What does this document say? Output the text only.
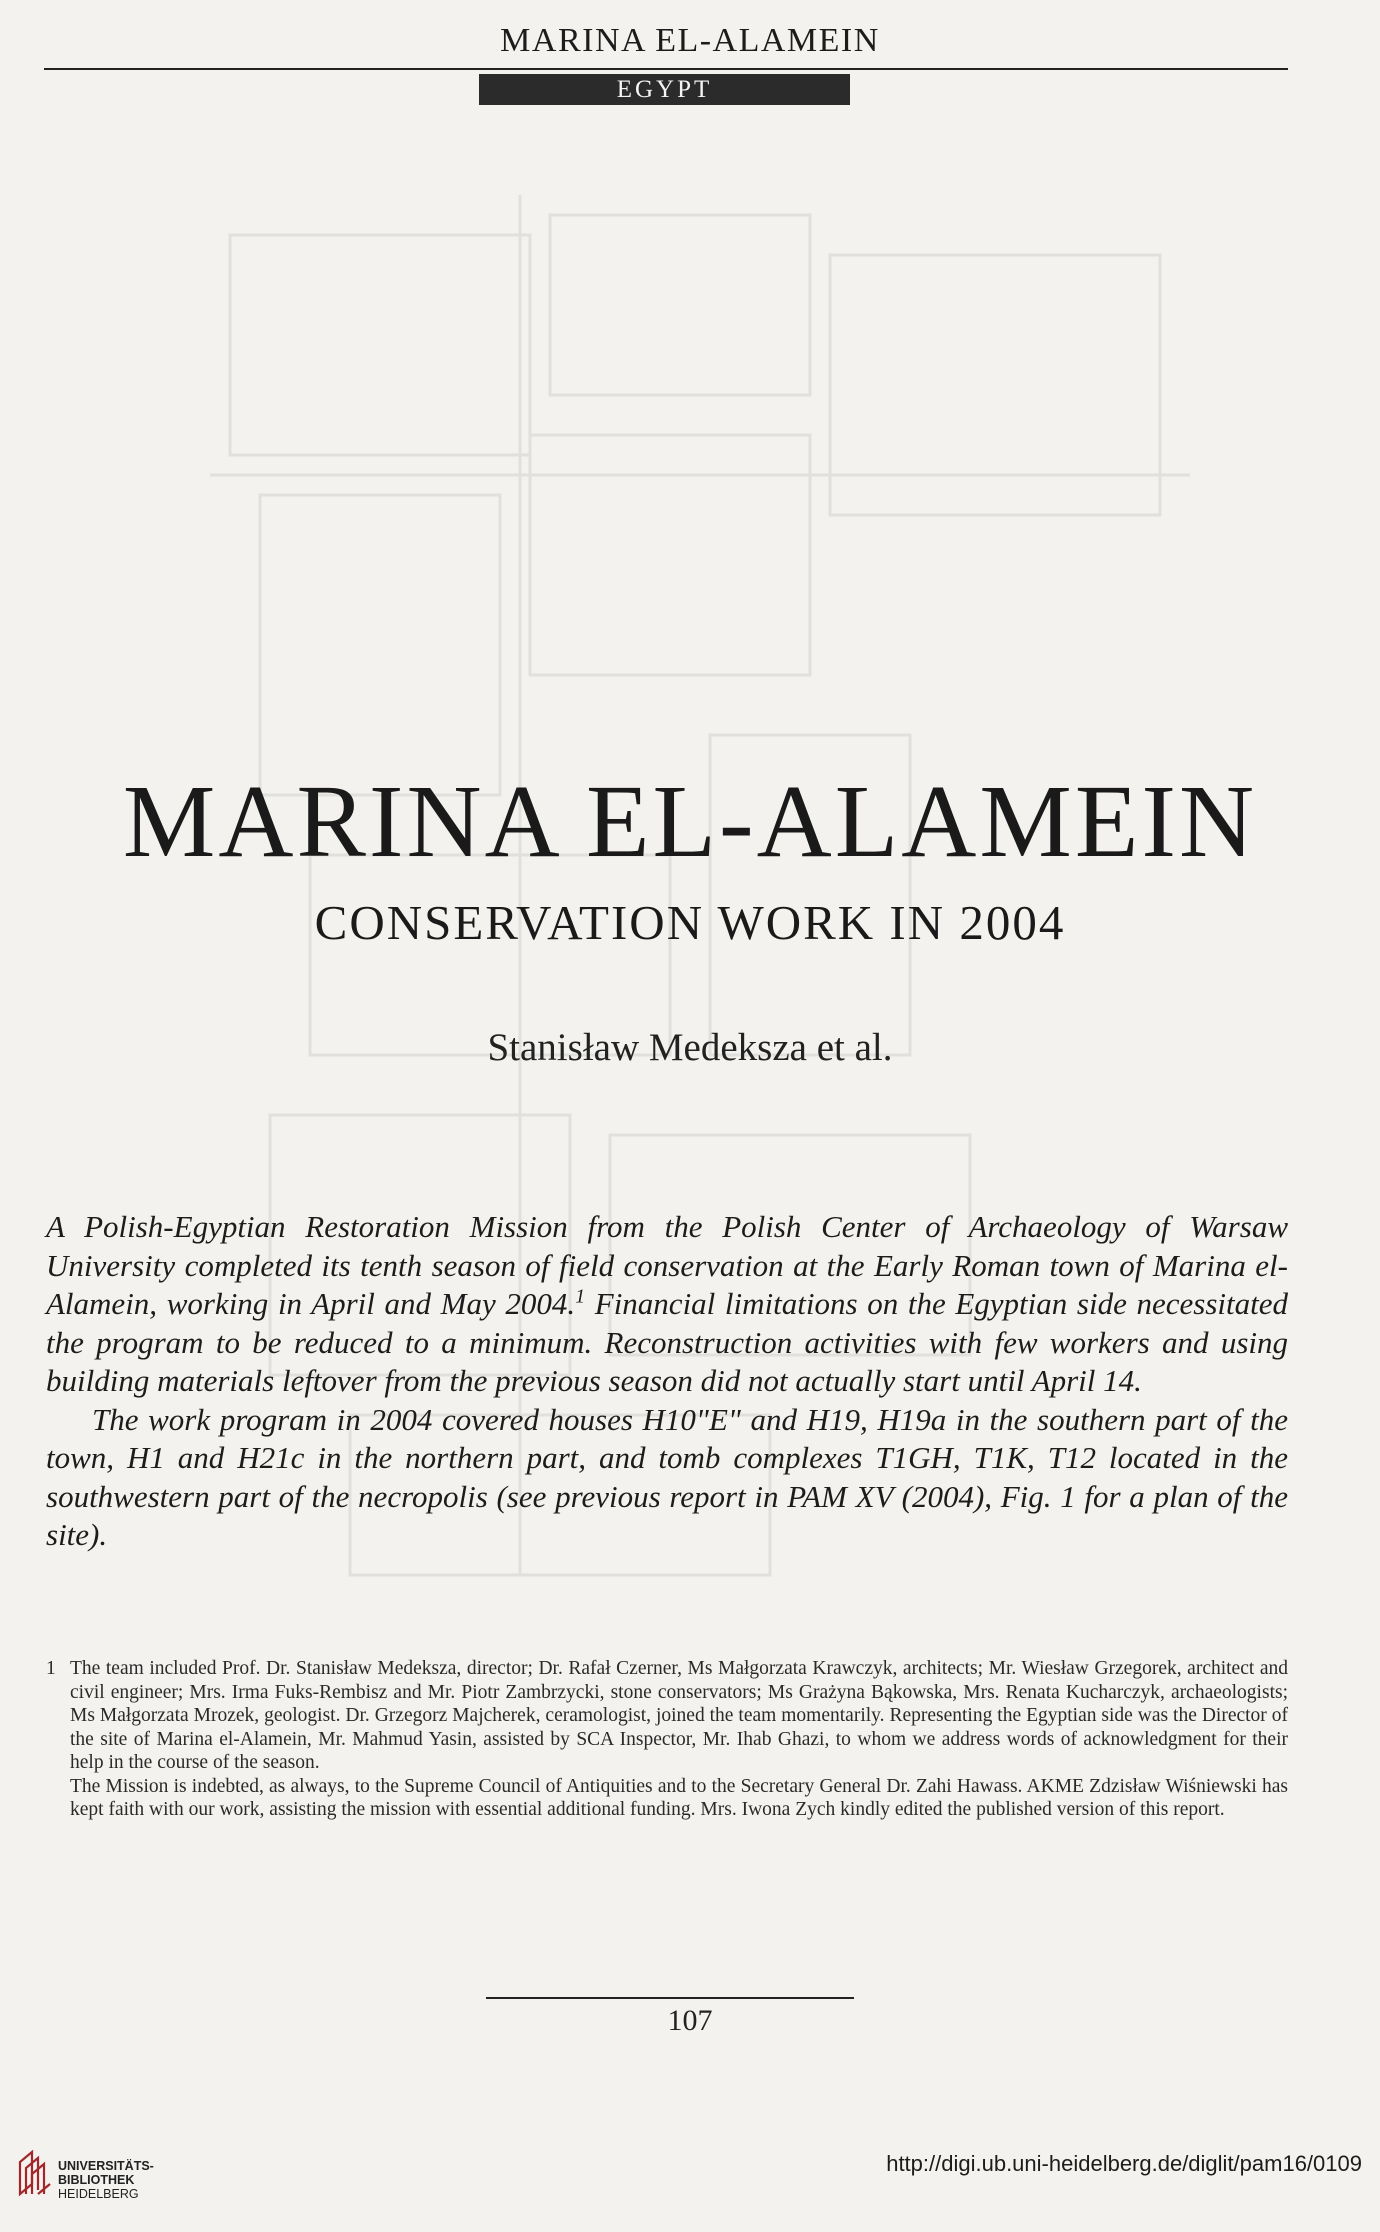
MARINA EL-ALAMEIN
EGYPT
MARINA EL-ALAMEIN
CONSERVATION WORK IN 2004
Stanisław Medeksza et al.

A Polish-Egyptian Restoration Mission from the Polish Center of Archaeology of Warsaw University completed its tenth season of field conservation at the Early Roman town of Marina el-Alamein, working in April and May 2004.$^1$ Financial limitations on the Egyptian side necessitated the program to be reduced to a minimum. Reconstruction activities with few workers and using building materials leftover from the previous season did not actually start until April 14.

The work program in 2004 covered houses H10"E" and H19, H19a in the southern part of the town, H1 and H21c in the northern part, and tomb complexes T1GH, T1K, T12 located in the southwestern part of the necropolis (see previous report in PAM XV (2004), Fig. 1 for a plan of the site).

1 The team included Prof. Dr. Stanisław Medeksza, director; Dr. Rafał Czerner, Ms Małgorzata Krawczyk, architects; Mr. Wiesław Grzegorek, architect and civil engineer; Mrs. Irma Fuks-Rembisz and Mr. Piotr Zambrzycki, stone conservators; Ms Grażyna Bąkowska, Mrs. Renata Kucharczyk, archaeologists; Ms Małgorzata Mrozek, geologist. Dr. Grzegorz Majcherek, ceramologist, joined the team momentarily. Representing the Egyptian side was the Director of the site of Marina el-Alamein, Mr. Mahmud Yasin, assisted by SCA Inspector, Mr. Ihab Ghazi, to whom we address words of acknowledgment for their help in the course of the season.

The Mission is indebted, as always, to the Supreme Council of Antiquities and to the Secretary General Dr. Zahi Hawass. AKME Zdzisław Wiśniewski has kept faith with our work, assisting the mission with essential additional funding. Mrs. Iwona Zych kindly edited the published version of this report.

107
UNIVERSITÄTS-
BIBLIOTHEK
HEIDELBERG
http://digi.ub.uni-heidelberg.de/diglit/pam16/0109
